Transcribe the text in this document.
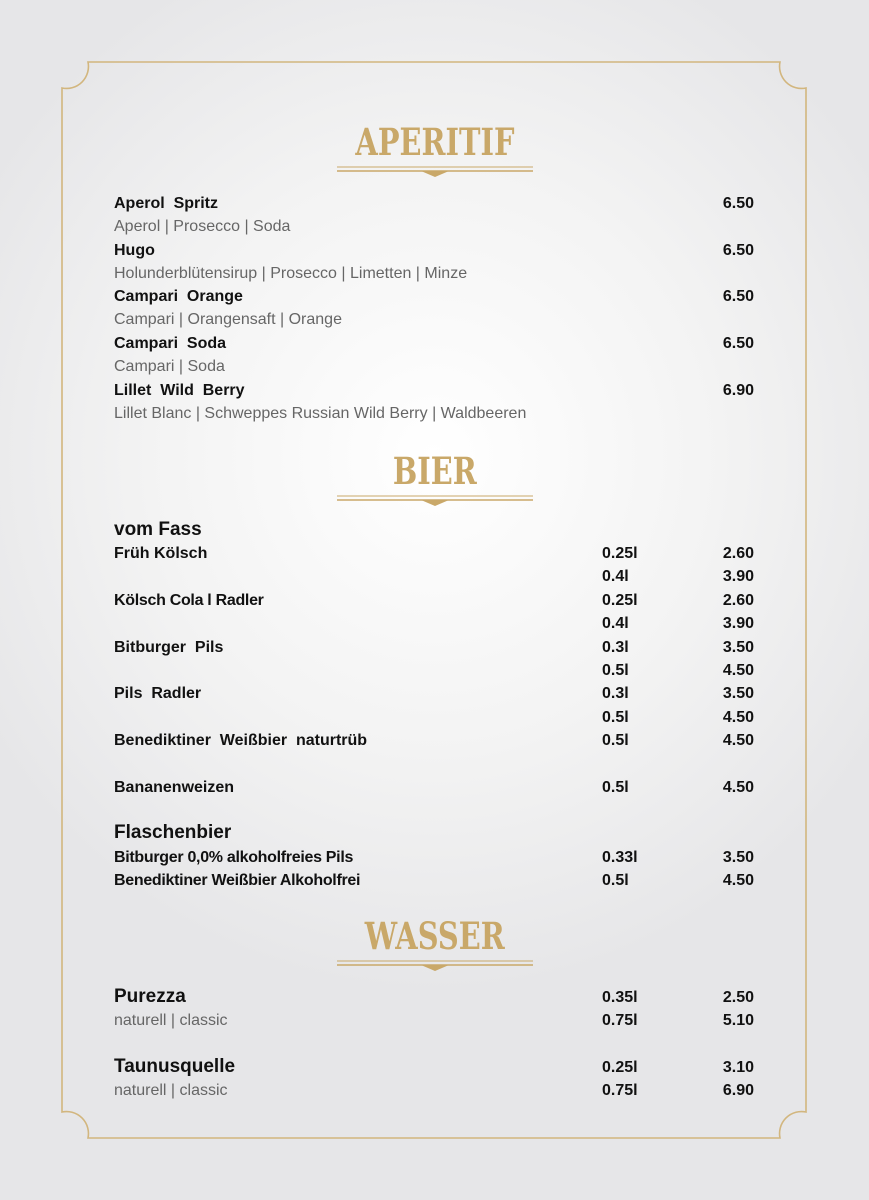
APERITIF
Aperol  Spritz	6.50
Aperol | Prosecco | Soda
Hugo	6.50
Holunderblütensirup | Prosecco | Limetten | Minze
Campari  Orange	6.50
Campari | Orangensaft | Orange
Campari  Soda	6.50
Campari | Soda
Lillet  Wild  Berry	6.90
Lillet Blanc | Schweppes Russian Wild Berry | Waldbeeren
BIER
vom Fass
Früh Kölsch	0.25l	2.60
0.4l	3.90
Kölsch Cola l Radler	0.25l	2.60
0.4l	3.90
Bitburger  Pils	0.3l	3.50
0.5l	4.50
Pils  Radler	0.3l	3.50
0.5l	4.50
Benediktiner  Weißbier  naturtrüb	0.5l	4.50
Bananenweizen	0.5l	4.50
Flaschenbier
Bitburger 0,0% alkoholfreies Pils	0.33l	3.50
Benediktiner Weißbier Alkoholfrei	0.5l	4.50
WASSER
Purezza	0.35l	2.50
naturell | classic	0.75l	5.10
Taunusquelle	0.25l	3.10
naturell | classic	0.75l	6.90
